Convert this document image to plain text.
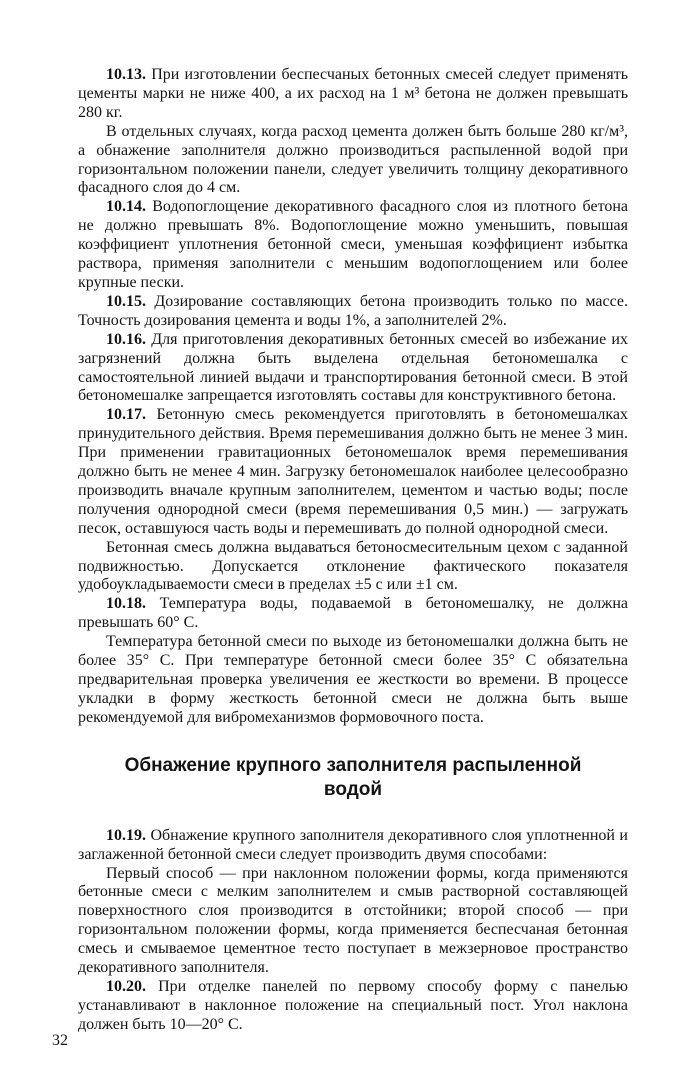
10.13. При изготовлении беспесчаных бетонных смесей следует применять цементы марки не ниже 400, а их расход на 1 м³ бетона не должен превышать 280 кг.

В отдельных случаях, когда расход цемента должен быть больше 280 кг/м³, а обнажение заполнителя должно производиться распыленной водой при горизонтальном положении панели, следует увеличить толщину декоративного фасадного слоя до 4 см.

10.14. Водопоглощение декоративного фасадного слоя из плотного бетона не должно превышать 8%. Водопоглощение можно уменьшить, повышая коэффициент уплотнения бетонной смеси, уменьшая коэффициент избытка раствора, применяя заполнители с меньшим водопоглощением или более крупные пески.

10.15. Дозирование составляющих бетона производить только по массе. Точность дозирования цемента и воды 1%, а заполнителей 2%.

10.16. Для приготовления декоративных бетонных смесей во избежание их загрязнений должна быть выделена отдельная бетономешалка с самостоятельной линией выдачи и транспортирования бетонной смеси. В этой бетономешалке запрещается изготовлять составы для конструктивного бетона.

10.17. Бетонную смесь рекомендуется приготовлять в бетономешалках принудительного действия. Время перемешивания должно быть не менее 3 мин. При применении гравитационных бетономешалок время перемешивания должно быть не менее 4 мин. Загрузку бетономешалок наиболее целесообразно производить вначале крупным заполнителем, цементом и частью воды; после получения однородной смеси (время перемешивания 0,5 мин.) — загружать песок, оставшуюся часть воды и перемешивать до полной однородной смеси.

Бетонная смесь должна выдаваться бетоносмесительным цехом с заданной подвижностью. Допускается отклонение фактического показателя удобоукладываемости смеси в пределах ±5 с или ±1 см.

10.18. Температура воды, подаваемой в бетономешалку, не должна превышать 60° С.

Температура бетонной смеси по выходе из бетономешалки должна быть не более 35° С. При температуре бетонной смеси более 35° С обязательна предварительная проверка увеличения ее жесткости во времени. В процессе укладки в форму жесткость бетонной смеси не должна быть выше рекомендуемой для вибромеханизмов формовочного поста.

Обнажение крупного заполнителя распыленной водой

10.19. Обнажение крупного заполнителя декоративного слоя уплотненной и заглаженной бетонной смеси следует производить двумя способами:

Первый способ — при наклонном положении формы, когда применяются бетонные смеси с мелким заполнителем и смыв растворной составляющей поверхностного слоя производится в отстойники; второй способ — при горизонтальном положении формы, когда применяется беспесчаная бетонная смесь и смываемое цементное тесто поступает в межзерновое пространство декоративного заполнителя.

10.20. При отделке панелей по первому способу форму с панелью устанавливают в наклонное положение на специальный пост. Угол наклона должен быть 10—20° С.

32
